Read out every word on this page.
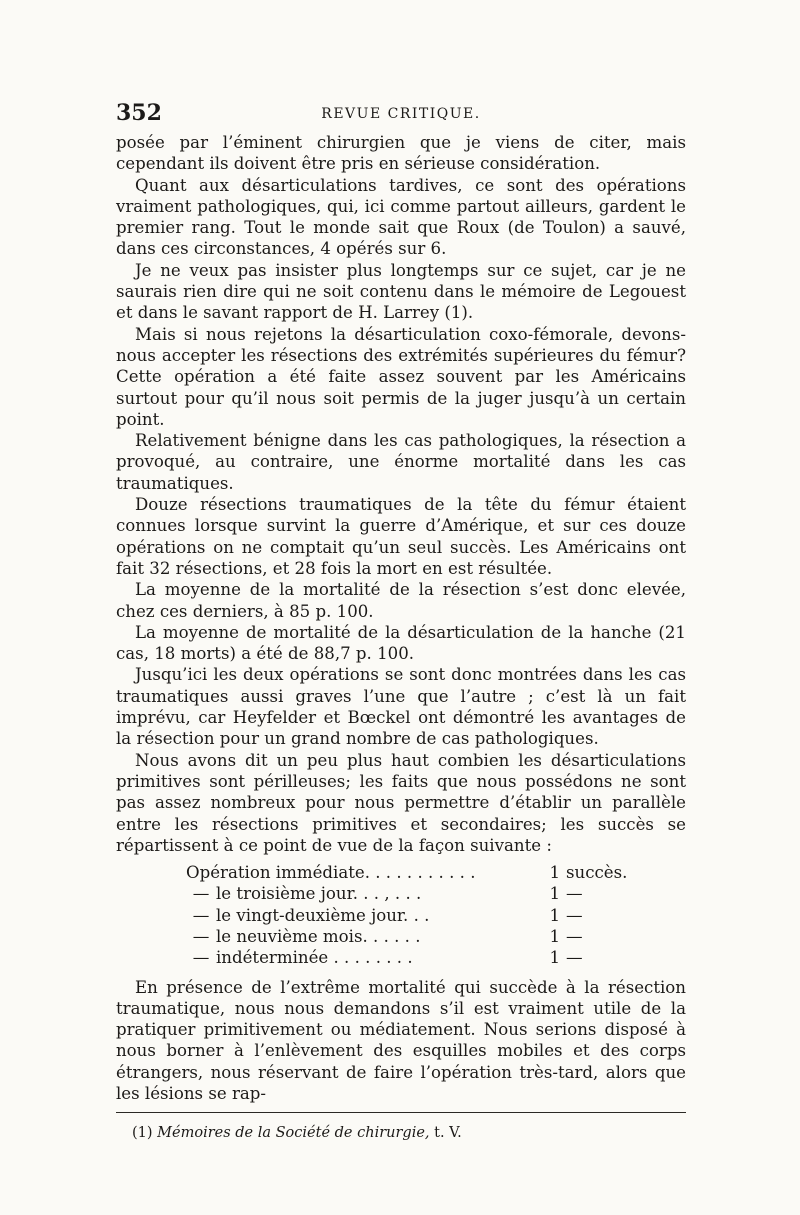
352	REVUE CRITIQUE.

posée par l’éminent chirurgien que je viens de citer, mais cependant ils doivent être pris en sérieuse considération.

Quant aux désarticulations tardives, ce sont des opérations vraiment pathologiques, qui, ici comme partout ailleurs, gardent le premier rang. Tout le monde sait que Roux (de Toulon) a sauvé, dans ces circonstances, 4 opérés sur 6.

Je ne veux pas insister plus longtemps sur ce sujet, car je ne saurais rien dire qui ne soit contenu dans le mémoire de Legouest et dans le savant rapport de H. Larrey (1).

Mais si nous rejetons la désarticulation coxo-fémorale, devons-nous accepter les résections des extrémités supérieures du fémur? Cette opération a été faite assez souvent par les Américains surtout pour qu’il nous soit permis de la juger jusqu’à un certain point.

Relativement bénigne dans les cas pathologiques, la résection a provoqué, au contraire, une énorme mortalité dans les cas traumatiques.

Douze résections traumatiques de la tête du fémur étaient connues lorsque survint la guerre d’Amérique, et sur ces douze opérations on ne comptait qu’un seul succès. Les Américains ont fait 32 résections, et 28 fois la mort en est résultée.

La moyenne de la mortalité de la résection s’est donc elevée, chez ces derniers, à 85 p. 100.

La moyenne de mortalité de la désarticulation de la hanche (21 cas, 18 morts) a été de 88,7 p. 100.

Jusqu’ici les deux opérations se sont donc montrées dans les cas traumatiques aussi graves l’une que l’autre ; c’est là un fait imprévu, car Heyfelder et Bœckel ont démontré les avantages de la résection pour un grand nombre de cas pathologiques.

Nous avons dit un peu plus haut combien les désarticulations primitives sont périlleuses; les faits que nous possédons ne sont pas assez nombreux pour nous permettre d’établir un parallèle entre les résections primitives et secondaires; les succès se répartissent à ce point de vue de la façon suivante :

Opération immédiate. . . . . . . . . . .		1	succès.
—	le troisième jour. . . , . . .	1	—
—	le vingt-deuxième jour. . .	1	—
—	le neuvième mois. . . . . .	1	—
—	indéterminée . . . . . . . .	1	—

En présence de l’extrême mortalité qui succède à la résection traumatique, nous nous demandons s’il est vraiment utile de la pratiquer primitivement ou médiatement. Nous serions disposé à nous borner à l’enlèvement des esquilles mobiles et des corps étrangers, nous réservant de faire l’opération très-tard, alors que les lésions se rap-

(1) Mémoires de la Société de chirurgie, t. V.
